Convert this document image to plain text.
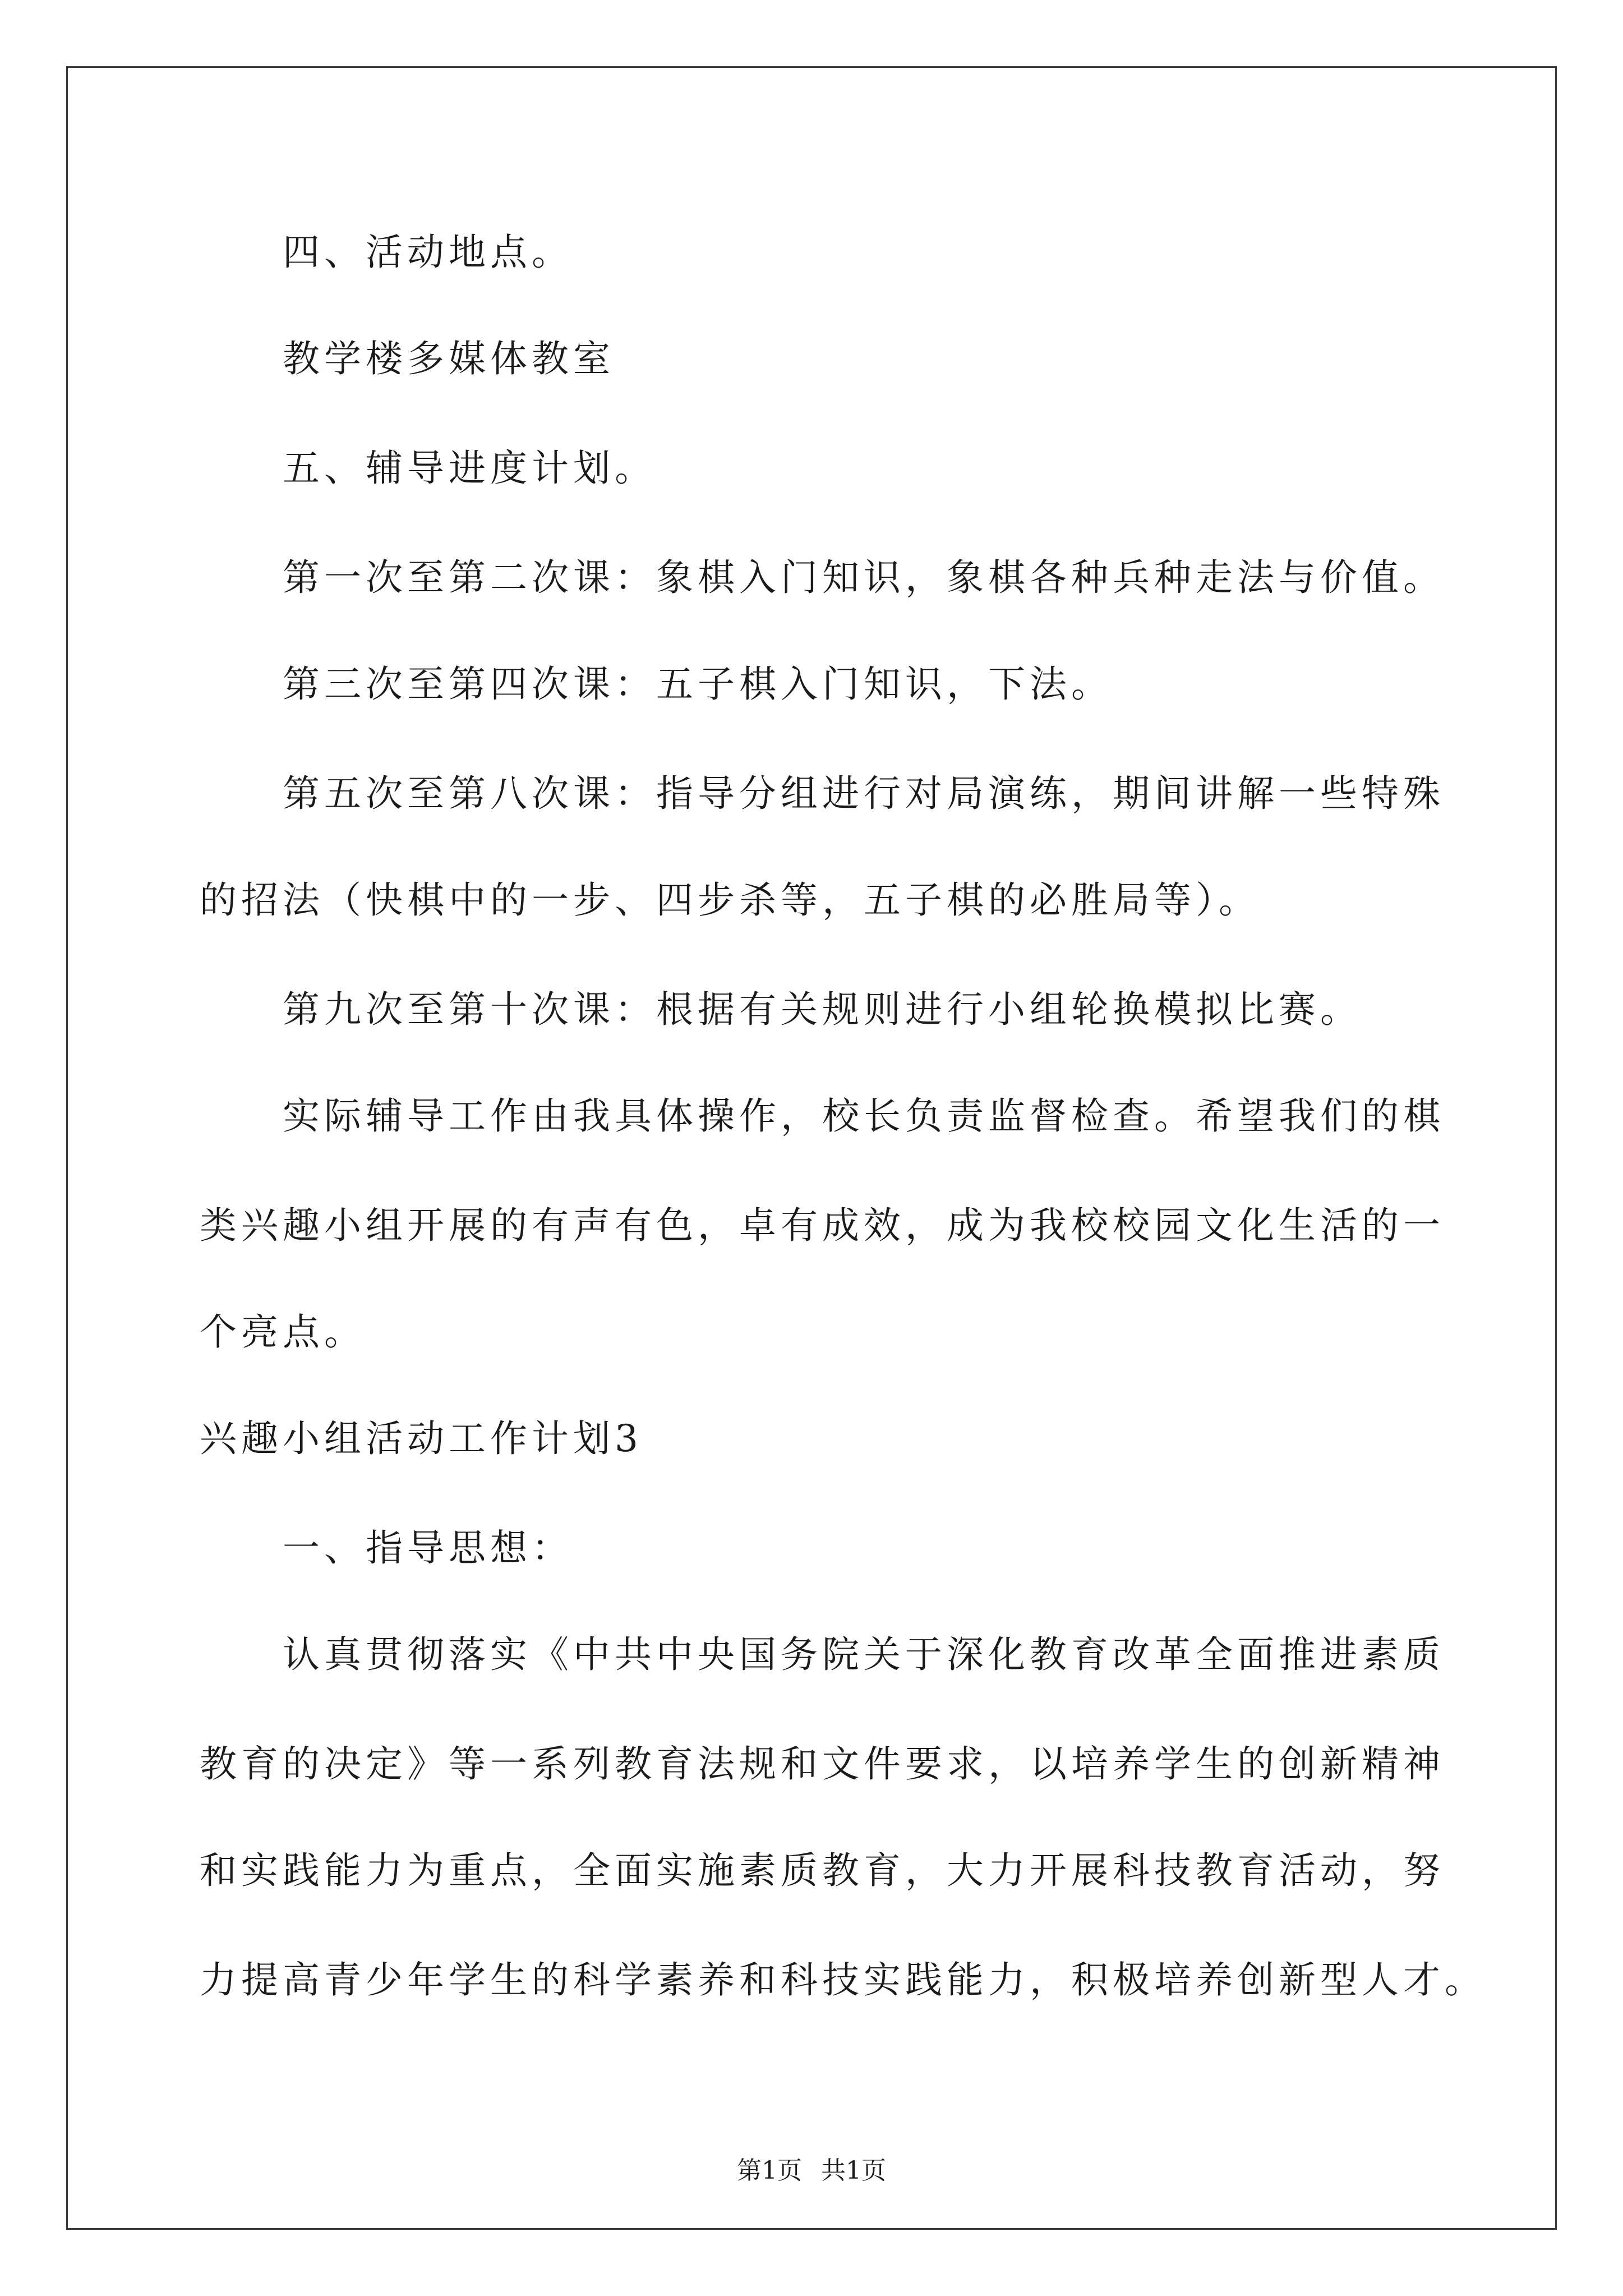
四、活动地点。
教学楼多媒体教室
五、辅导进度计划。
第一次至第二次课：象棋入门知识，象棋各种兵种走法与价值。
第三次至第四次课：五子棋入门知识，下法。
第五次至第八次课：指导分组进行对局演练，期间讲解一些特殊
的招法（快棋中的一步、四步杀等，五子棋的必胜局等）。
第九次至第十次课：根据有关规则进行小组轮换模拟比赛。
实际辅导工作由我具体操作，校长负责监督检查。希望我们的棋
类兴趣小组开展的有声有色，卓有成效，成为我校校园文化生活的一
个亮点。
兴趣小组活动工作计划3
一、指导思想：
认真贯彻落实《中共中央国务院关于深化教育改革全面推进素质
教育的决定》等一系列教育法规和文件要求，以培养学生的创新精神
和实践能力为重点，全面实施素质教育，大力开展科技教育活动，努
力提高青少年学生的科学素养和科技实践能力，积极培养创新型人才。
第1页 共1页
